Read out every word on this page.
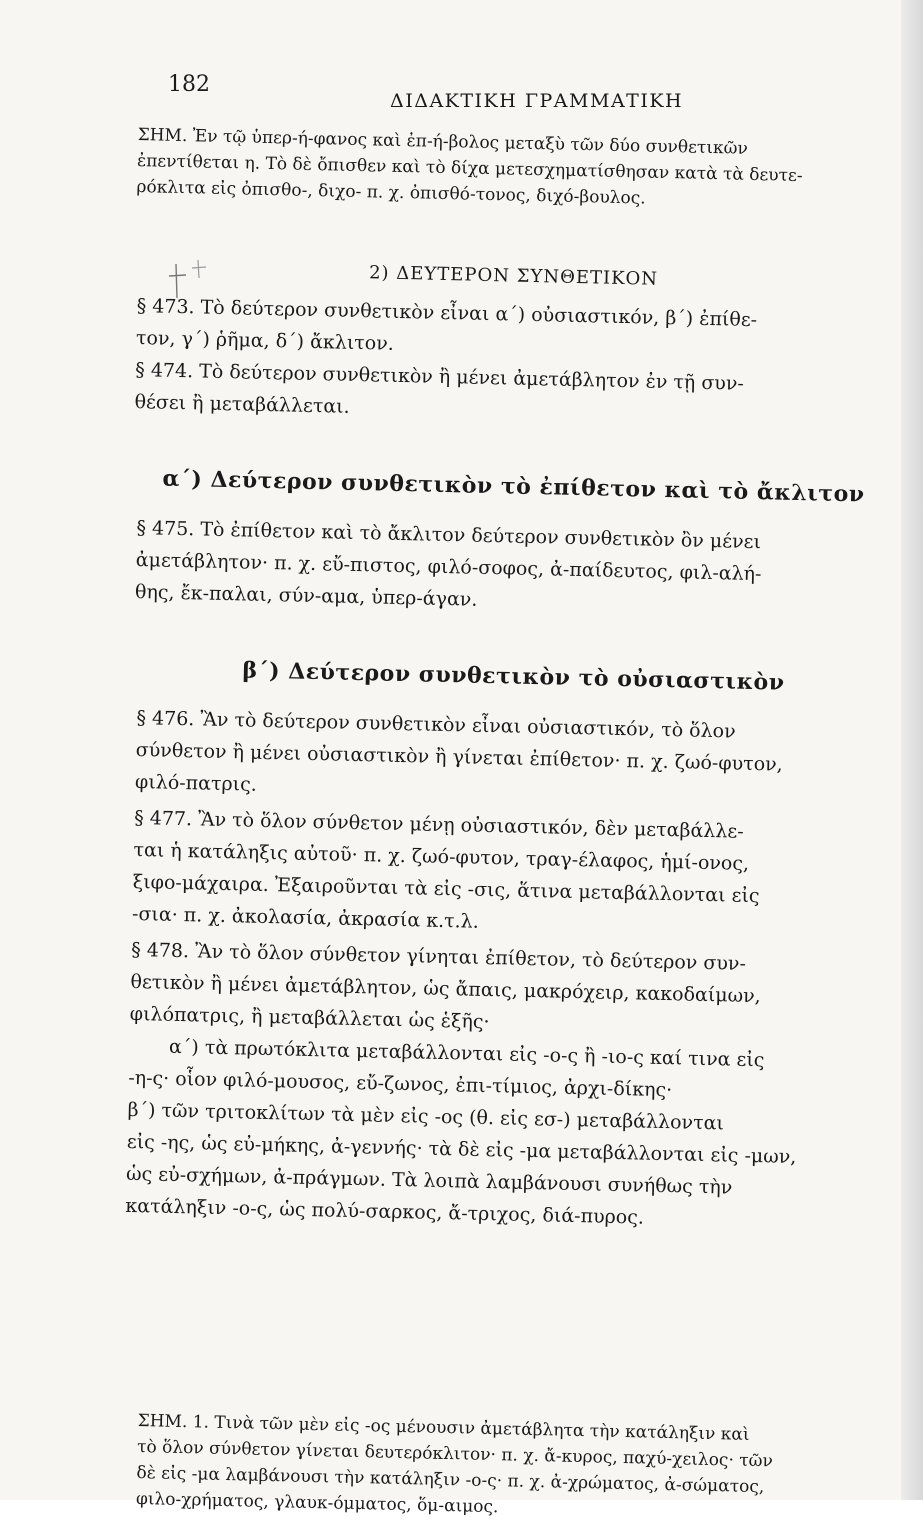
182
ΔΙΔΑΚΤΙΚΗ ΓΡΑΜΜΑΤΙΚΗ
ΣΗΜ. Ἐν τῷ ὑπερ-ή-φανος καὶ ἐπ-ή-βολος μεταξὺ τῶν δύο συνθετικῶν
ἐπεντίθεται η. Τὸ δὲ ὄπισθεν καὶ τὸ δίχα μετεσχηματίσθησαν κατὰ τὰ δευτε-
ρόκλιτα εἰς ὀπισθο-, διχο- π. χ. ὀπισθό-τονος, διχό-βουλος.
2) ΔΕΥΤΕΡΟΝ ΣΥΝΘΕΤΙΚΟΝ
§ 473. Τὸ δεύτερον συνθετικὸν εἶναι α΄) οὐσιαστικόν, β΄) ἐπίθε-
τον, γ΄) ῥῆμα, δ΄) ἄκλιτον.
§ 474. Τὸ δεύτερον συνθετικὸν ἢ μένει ἀμετάβλητον ἐν τῇ συν-
θέσει ἢ μεταβάλλεται.
α΄) Δεύτερον συνθετικὸν τὸ ἐπίθετον καὶ τὸ ἄκλιτον
§ 475. Τὸ ἐπίθετον καὶ τὸ ἄκλιτον δεύτερον συνθετικὸν ὂν μένει
ἀμετάβλητον· π. χ. εὔ-πιστος, φιλό-σοφος, ἀ-παίδευτος, φιλ-αλή-
θης, ἔκ-παλαι, σύν-αμα, ὑπερ-άγαν.
β΄) Δεύτερον συνθετικὸν τὸ οὐσιαστικὸν
§ 476. Ἂν τὸ δεύτερον συνθετικὸν εἶναι οὐσιαστικόν, τὸ ὅλον
σύνθετον ἢ μένει οὐσιαστικὸν ἢ γίνεται ἐπίθετον· π. χ. ζωό-φυτον,
φιλό-πατρις.
§ 477. Ἂν τὸ ὅλον σύνθετον μένῃ οὐσιαστικόν, δὲν μεταβάλλε-
ται ἡ κατάληξις αὐτοῦ· π. χ. ζωό-φυτον, τραγ-έλαφος, ἡμί-ονος,
ξιφο-μάχαιρα. Ἐξαιροῦνται τὰ εἰς -σις, ἅτινα μεταβάλλονται εἰς
-σια· π. χ. ἀκολασία, ἀκρασία κ.τ.λ.
§ 478. Ἂν τὸ ὅλον σύνθετον γίνηται ἐπίθετον, τὸ δεύτερον συν-
θετικὸν ἢ μένει ἀμετάβλητον, ὡς ἄπαις, μακρόχειρ, κακοδαίμων,
φιλόπατρις, ἢ μεταβάλλεται ὡς ἑξῆς·
α΄) τὰ πρωτόκλιτα μεταβάλλονται εἰς -ο-ς ἢ -ιο-ς καί τινα εἰς
-η-ς· οἷον φιλό-μουσος, εὔ-ζωνος, ἐπι-τίμιος, ἀρχι-δίκης·
β΄) τῶν τριτοκλίτων τὰ μὲν εἰς -ος (θ. εἰς εσ-) μεταβάλλονται
εἰς -ης, ὡς εὐ-μήκης, ἀ-γεννής· τὰ δὲ εἰς -μα μεταβάλλονται εἰς -μων,
ὡς εὐ-σχήμων, ἀ-πράγμων. Τὰ λοιπὰ λαμβάνουσι συνήθως τὴν
κατάληξιν -ο-ς, ὡς πολύ-σαρκος, ἄ-τριχος, διά-πυρος.
ΣΗΜ. 1. Τινὰ τῶν μὲν εἰς -ος μένουσιν ἀμετάβλητα τὴν κατάληξιν καὶ
τὸ ὅλον σύνθετον γίνεται δευτερόκλιτον· π. χ. ἄ-κυρος, παχύ-χειλος· τῶν
δὲ εἰς -μα λαμβάνουσι τὴν κατάληξιν -ο-ς· π. χ. ἀ-χρώματος, ἀ-σώματος,
φιλο-χρήματος, γλαυκ-όμματος, ὅμ-αιμος.
